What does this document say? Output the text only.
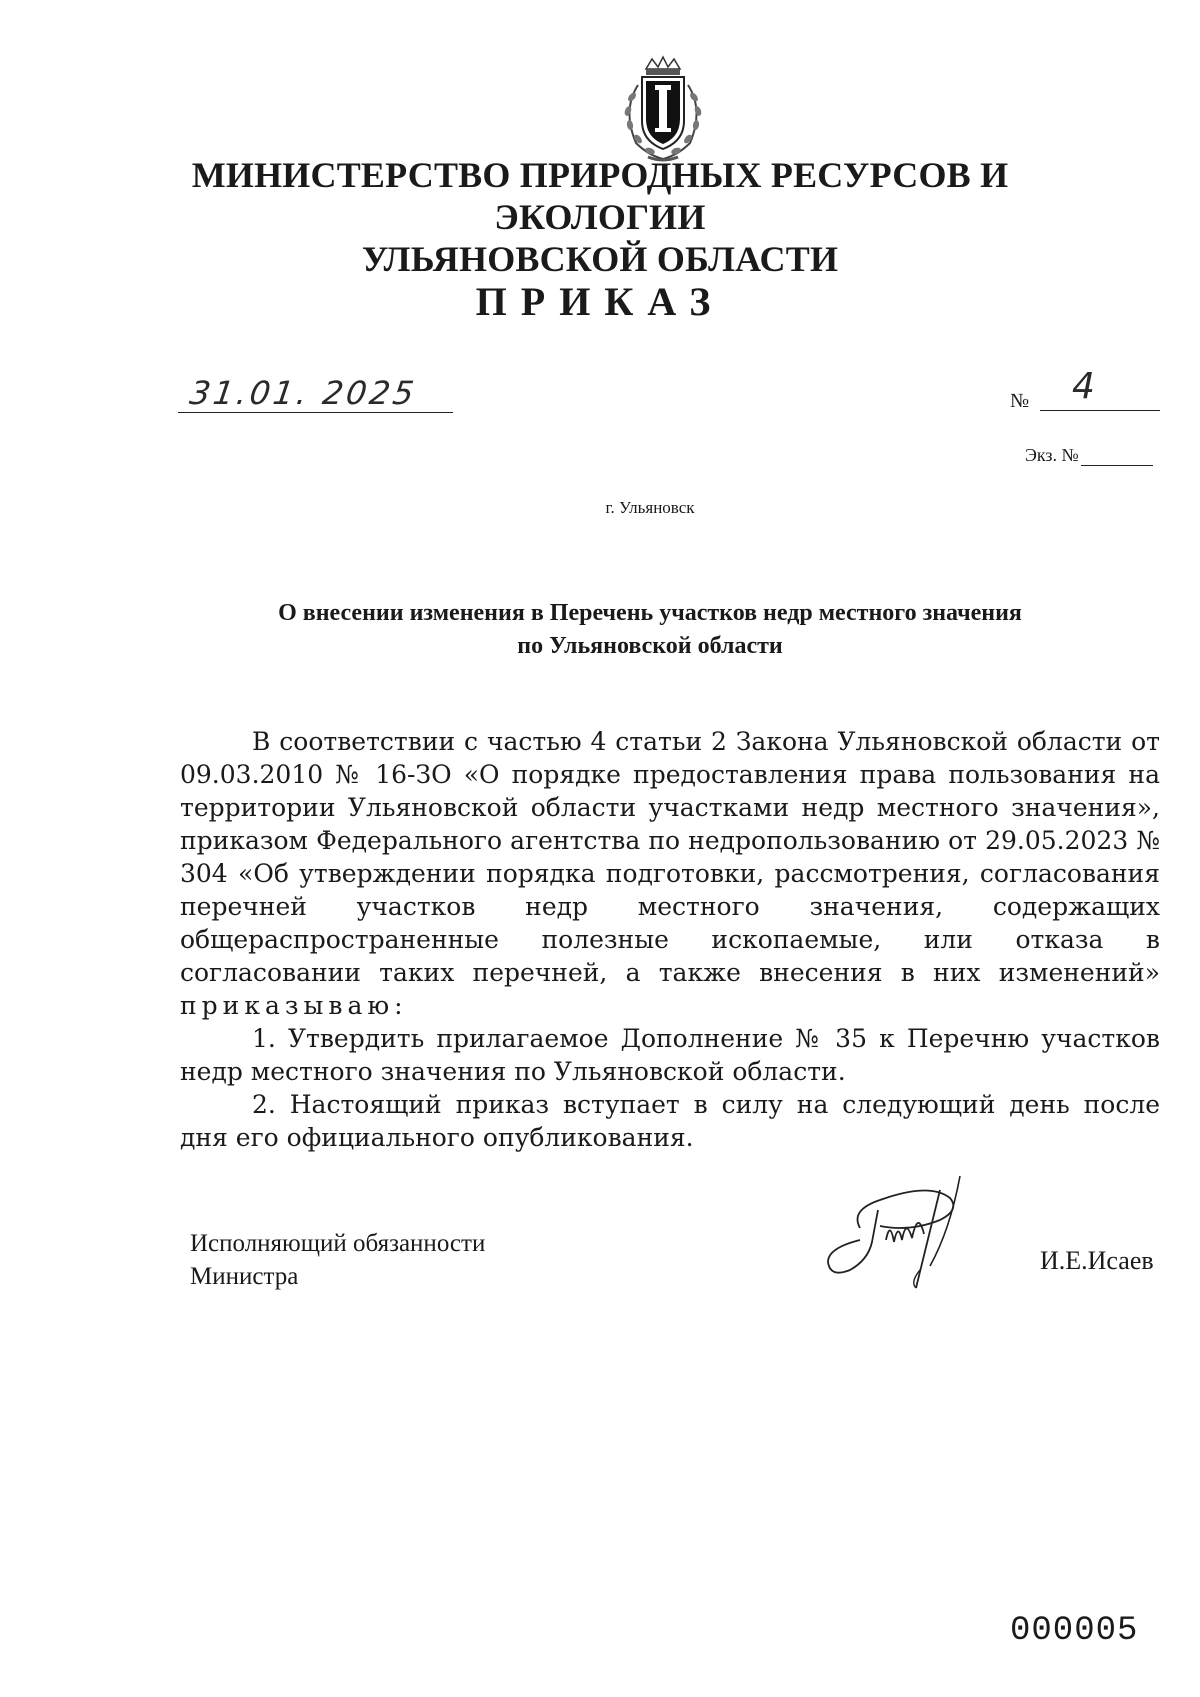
МИНИСТЕРСТВО ПРИРОДНЫХ РЕСУРСОВ И ЭКОЛОГИИ
УЛЬЯНОВСКОЙ ОБЛАСТИ
ПРИКАЗ
31.01. 2025	№ 4
Экз. №
г. Ульяновск
О внесении изменения в Перечень участков недр местного значения
по Ульяновской области

В соответствии с частью 4 статьи 2 Закона Ульяновской области от 09.03.2010 № 16-ЗО «О порядке предоставления права пользования на территории Ульяновской области участками недр местного значения», приказом Федерального агентства по недропользованию от 29.05.2023 № 304 «Об утверждении порядка подготовки, рассмотрения, согласования перечней участков недр местного значения, содержащих общераспространенные полезные ископаемые, или отказа в согласовании таких перечней, а также внесения в них изменений» приказываю:

1. Утвердить прилагаемое Дополнение № 35 к Перечню участков недр местного значения по Ульяновской области.

2. Настоящий приказ вступает в силу на следующий день после дня его официального опубликования.

Исполняющий обязанности
Министра
И.Е.Исаев
000005
